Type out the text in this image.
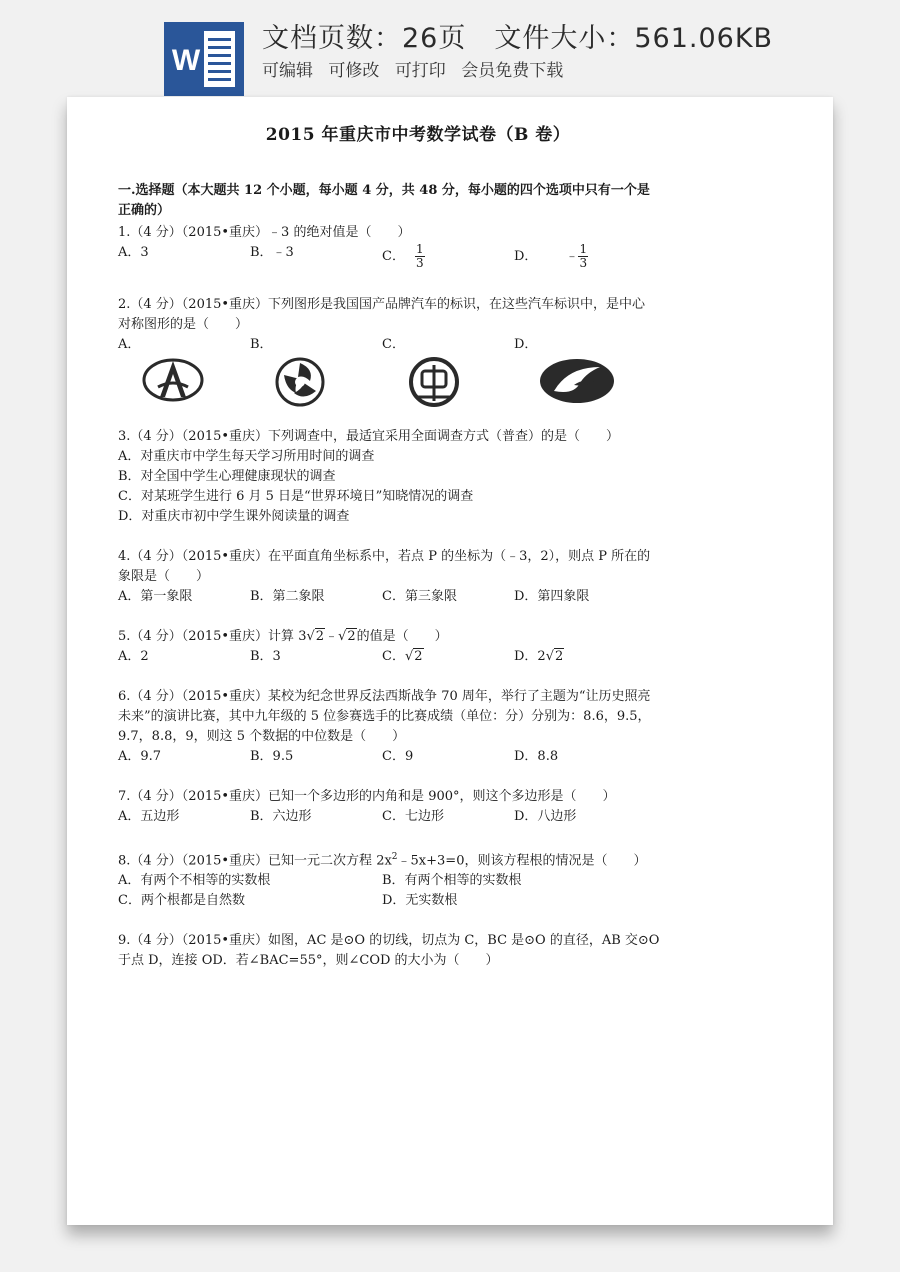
W
文档页数：26页 文件大小：561.06KB
可编辑 可修改 可打印 会员免费下载
2015 年重庆市中考数学试卷（B 卷）
一.选择题（本大题共 12 个小题，每小题 4 分，共 48 分，每小题的四个选项中只有一个是
正确的）
1.（4 分）（2015•重庆）﹣3 的绝对值是（　　）
A．3	B．﹣3	C． $\frac{1}{3}$	D． ﹣ $\frac{1}{3}$
2.（4 分）（2015•重庆）下列图形是我国国产品牌汽车的标识，在这些汽车标识中，是中心
对称图形的是（　　）
A．	B．	C．	D．
3.（4 分）（2015•重庆）下列调查中，最适宜采用全面调查方式（普查）的是（　　）
A．对重庆市中学生每天学习所用时间的调查
B．对全国中学生心理健康现状的调查
C．对某班学生进行 6 月 5 日是“世界环境日”知晓情况的调查
D．对重庆市初中学生课外阅读量的调查
4.（4 分）（2015•重庆）在平面直角坐标系中，若点 P 的坐标为（﹣3，2），则点 P 所在的
象限是（　　）
A．第一象限	B．第二象限	C．第三象限	D．第四象限
5.（4 分）（2015•重庆）计算 3√2﹣√2的值是（　　）
A．2	B．3	C．√2	D．2√2
6.（4 分）（2015•重庆）某校为纪念世界反法西斯战争 70 周年，举行了主题为“让历史照亮
未来”的演讲比赛，其中九年级的 5 位参赛选手的比赛成绩（单位：分）分别为：8.6，9.5，
9.7，8.8，9，则这 5 个数据的中位数是（　　）
A．9.7	B．9.5	C．9	D．8.8
7.（4 分）（2015•重庆）已知一个多边形的内角和是 900°，则这个多边形是（　　）
A．五边形	B．六边形	C．七边形	D．八边形
8.（4 分）（2015•重庆）已知一元二次方程 $2x^2﹣5x+3=0$，则该方程根的情况是（　　）
A．有两个不相等的实数根	B．有两个相等的实数根
C．两个根都是自然数	D．无实数根
9.（4 分）（2015•重庆）如图，AC 是⊙O 的切线，切点为 C，BC 是⊙O 的直径，AB 交⊙O
于点 D，连接 OD．若∠BAC=55°，则∠COD 的大小为（　　）
